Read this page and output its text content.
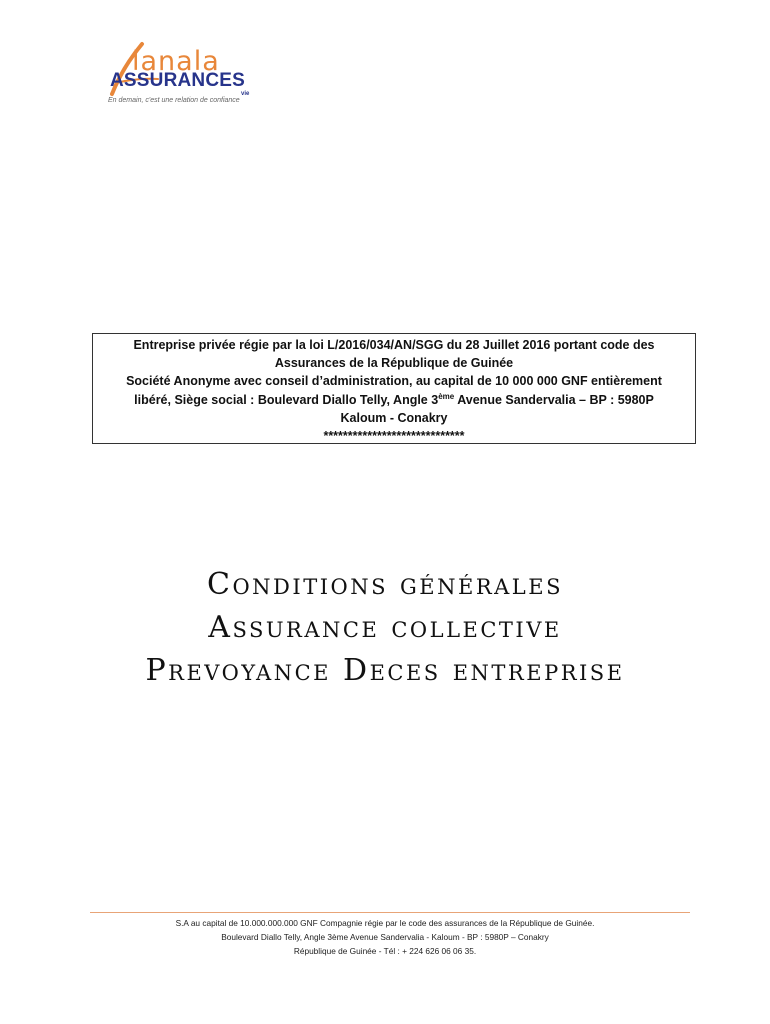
lanala
ASSURANCES
vie
En demain, c'est une relation de confiance
Entreprise privée régie par la loi L/2016/034/AN/SGG du 28 Juillet 2016 portant code des
Assurances de la République de Guinée
Société Anonyme avec conseil d’administration, au capital de 10 000 000 GNF entièrement
libéré, Siège social : Boulevard Diallo Telly, Angle 3ème Avenue Sandervalia – BP : 5980P
Kaloum - Conakry
*****************************
Conditions générales
Assurance collective
Prevoyance Deces entreprise
S.A au capital de 10.000.000.000 GNF Compagnie régie par le code des assurances de la République de Guinée.
Boulevard Diallo Telly, Angle 3ème Avenue Sandervalia - Kaloum - BP : 5980P – Conakry
République de Guinée - Tél : + 224 626 06 06 35.
